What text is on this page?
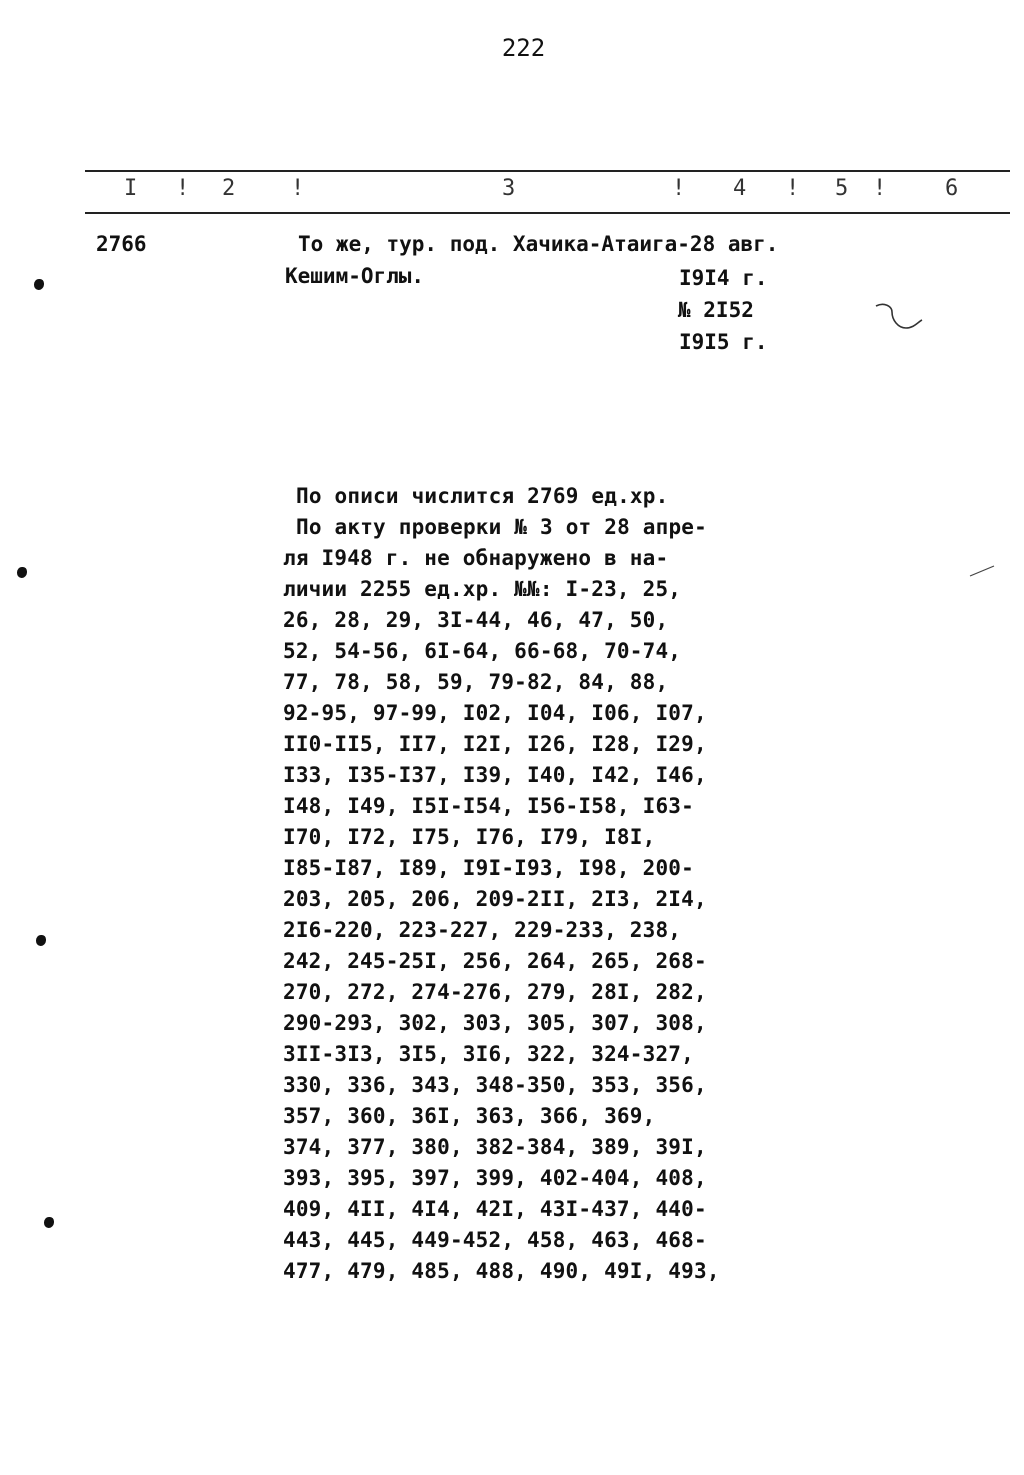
222
I ! 2	!	3	! 4 ! 5 !	6
2766	То же, тур. под. Хачика-Атаига-28 авг.
Кешим-Оглы.	I9I4 г.
№ 2I52
I9I5 г.
По описи числится 2769 ед.хр.
По акту проверки № 3 от 28 апре-
ля I948 г. не обнаружено в на-
личии 2255 ед.хр. №№: I-23, 25,
26, 28, 29, 3I-44, 46, 47, 50,
52, 54-56, 6I-64, 66-68, 70-74,
77, 78, 58, 59, 79-82, 84, 88,
92-95, 97-99, I02, I04, I06, I07,
II0-II5, II7, I2I, I26, I28, I29,
I33, I35-I37, I39, I40, I42, I46,
I48, I49, I5I-I54, I56-I58, I63-
I70, I72, I75, I76, I79, I8I,
I85-I87, I89, I9I-I93, I98, 200-
203, 205, 206, 209-2II, 2I3, 2I4,
2I6-220, 223-227, 229-233, 238,
242, 245-25I, 256, 264, 265, 268-
270, 272, 274-276, 279, 28I, 282,
290-293, 302, 303, 305, 307, 308,
3II-3I3, 3I5, 3I6, 322, 324-327,
330, 336, 343, 348-350, 353, 356,
357, 360, 36I, 363, 366, 369,
374, 377, 380, 382-384, 389, 39I,
393, 395, 397, 399, 402-404, 408,
409, 4II, 4I4, 42I, 43I-437, 440-
443, 445, 449-452, 458, 463, 468-
477, 479, 485, 488, 490, 49I, 493,
